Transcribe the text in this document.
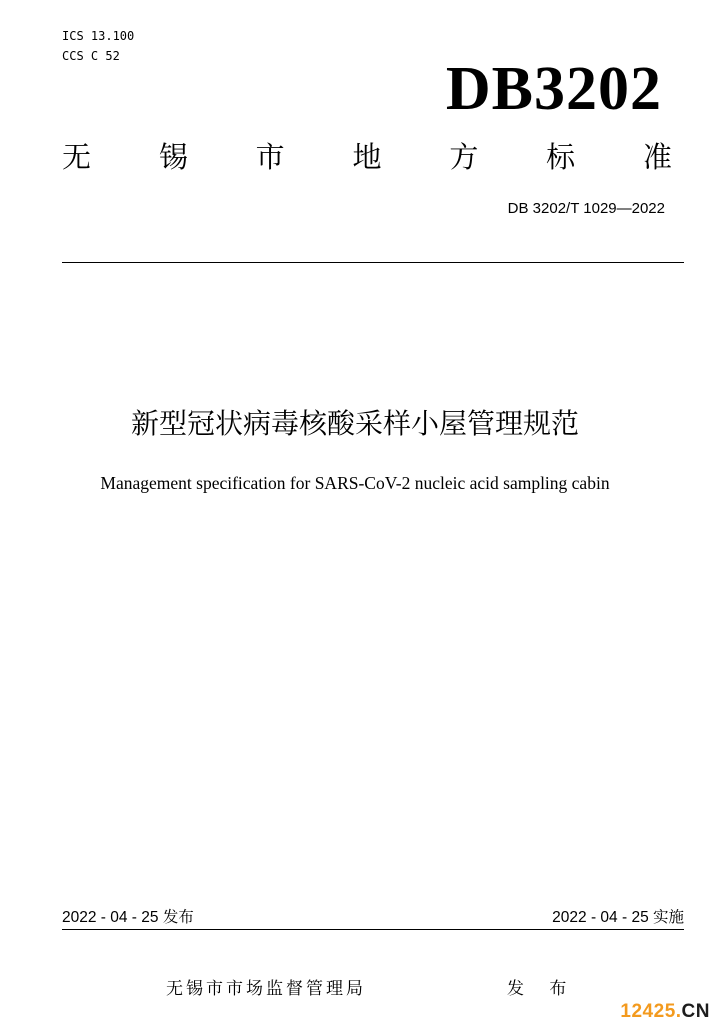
ICS 13.100
CCS C 52	DB3202
无 锡 市 地 方 标 准
DB 3202/T 1029—2022
新型冠状病毒核酸采样小屋管理规范
Management specification for SARS-CoV-2 nucleic acid sampling cabin
2022 - 04 - 25 发布	2022 - 04 - 25 实施
无锡市市场监督管理局	发 布
12425.CN
